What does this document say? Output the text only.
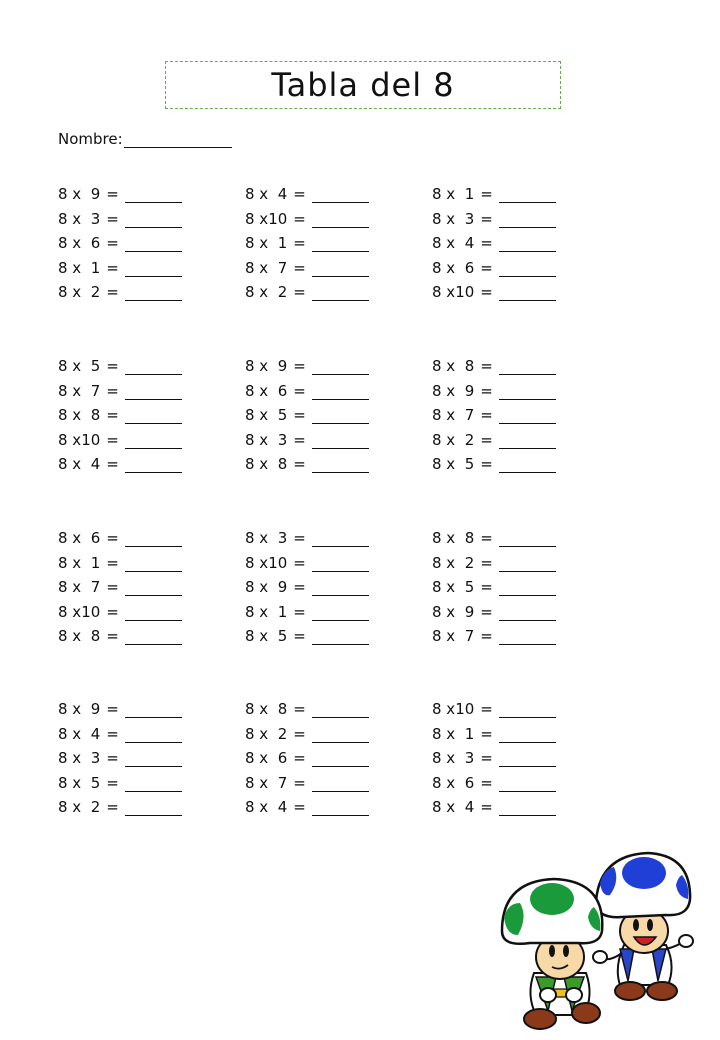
Tabla del 8
Nombre:
8 x  9 =
8 x  3 =
8 x  6 =
8 x  1 =
8 x  2 =
8 x  4 =
8 x10 =
8 x  1 =
8 x  7 =
8 x  2 =
8 x  1 =
8 x  3 =
8 x  4 =
8 x  6 =
8 x10 =
8 x  5 =
8 x  7 =
8 x  8 =
8 x10 =
8 x  4 =
8 x  9 =
8 x  6 =
8 x  5 =
8 x  3 =
8 x  8 =
8 x  8 =
8 x  9 =
8 x  7 =
8 x  2 =
8 x  5 =
8 x  6 =
8 x  1 =
8 x  7 =
8 x10 =
8 x  8 =
8 x  3 =
8 x10 =
8 x  9 =
8 x  1 =
8 x  5 =
8 x  8 =
8 x  2 =
8 x  5 =
8 x  9 =
8 x  7 =
8 x  9 =
8 x  4 =
8 x  3 =
8 x  5 =
8 x  2 =
8 x  8 =
8 x  2 =
8 x  6 =
8 x  7 =
8 x  4 =
8 x10 =
8 x  1 =
8 x  3 =
8 x  6 =
8 x  4 =
